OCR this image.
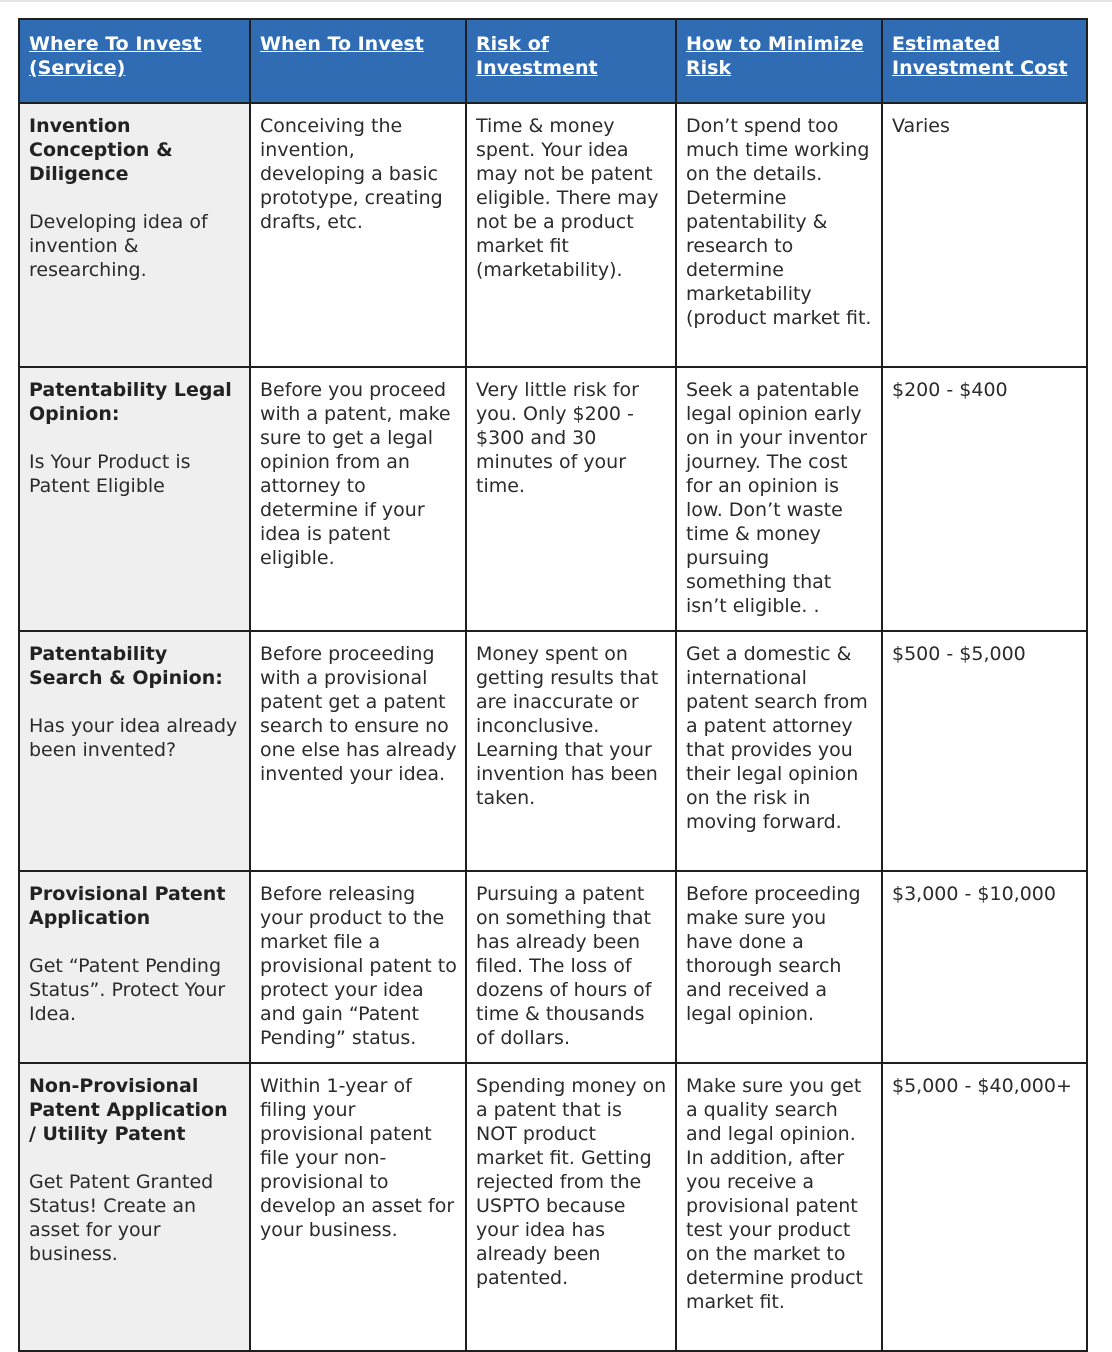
Where To Invest (Service)	When To Invest	Risk of Investment	How to Minimize Risk	Estimated Investment Cost

Invention Conception & Diligence
Developing idea of invention & researching.	Conceiving the invention, developing a basic prototype, creating drafts, etc.	Time & money spent. Your idea may not be patent eligible. There may not be a product market fit (marketability).	Don’t spend too much time working on the details. Determine patentability & research to determine marketability (product market fit.	Varies

Patentability Legal Opinion:
Is Your Product is Patent Eligible	Before you proceed with a patent, make sure to get a legal opinion from an attorney to determine if your idea is patent eligible.	Very little risk for you. Only $200 - $300 and 30 minutes of your time.	Seek a patentable legal opinion early on in your inventor journey. The cost for an opinion is low. Don’t waste time & money pursuing something that isn’t eligible. .	$200 - $400

Patentability Search & Opinion:
Has your idea already been invented?	Before proceeding with a provisional patent get a patent search to ensure no one else has already invented your idea.	Money spent on getting results that are inaccurate or inconclusive. Learning that your invention has been taken.	Get a domestic & international patent search from a patent attorney that provides you their legal opinion on the risk in moving forward.	$500 - $5,000

Provisional Patent Application
Get “Patent Pending Status”. Protect Your Idea.	Before releasing your product to the market file a provisional patent to protect your idea and gain “Patent Pending” status.	Pursuing a patent on something that has already been filed. The loss of dozens of hours of time & thousands of dollars.	Before proceeding make sure you have done a thorough search and received a legal opinion.	$3,000 - $10,000

Non-Provisional Patent Application / Utility Patent
Get Patent Granted Status! Create an asset for your business.	Within 1-year of filing your provisional patent file your non-provisional to develop an asset for your business.	Spending money on a patent that is NOT product market fit. Getting rejected from the USPTO because your idea has already been patented.	Make sure you get a quality search and legal opinion. In addition, after you receive a provisional patent test your product on the market to determine product market fit.	$5,000 - $40,000+
